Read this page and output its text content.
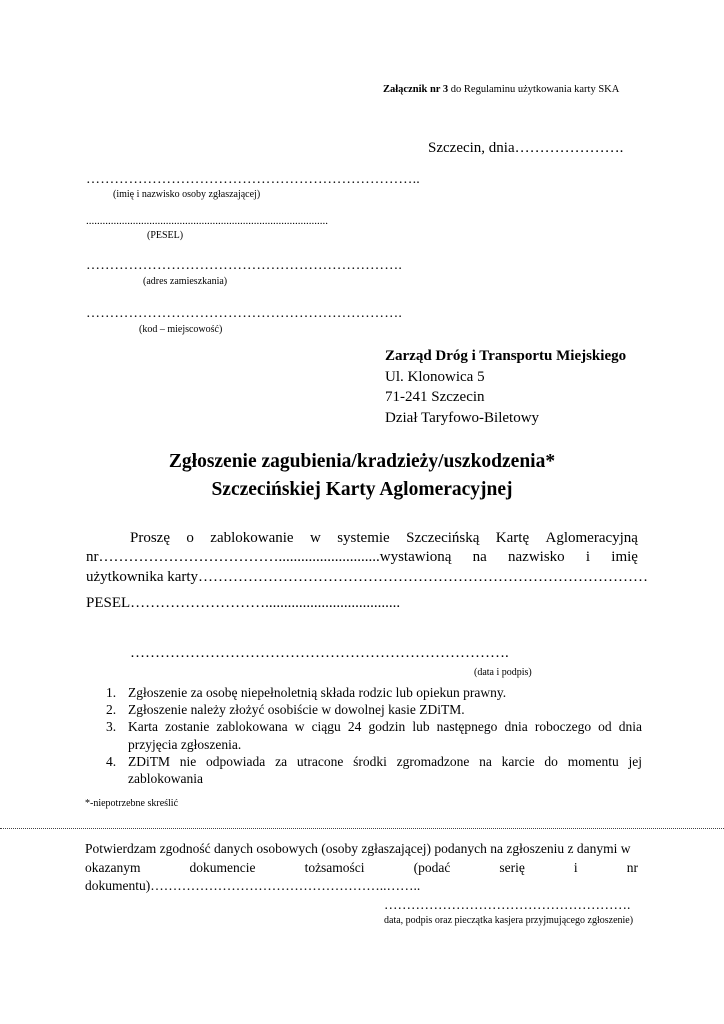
Załącznik nr 3 do Regulaminu użytkowania karty SKA
Szczecin, dnia………………….
……………………………………………………………..
(imię i nazwisko osoby zgłaszającej)
........................................................................................
(PESEL)
………………………………………………………….
(adres zamieszkania)
………………………………………………………….
(kod – miejscowość)
Zarząd Dróg i Transportu Miejskiego
Ul. Klonowica 5
71-241 Szczecin
Dział Taryfowo-Biletowy
Zgłoszenie zagubienia/kradzieży/uszkodzenia*
Szczecińskiej Karty Aglomeracyjnej
Proszę o zablokowanie w systemie Szczecińską Kartę Aglomeracyjną
nr………………………………...........................wystawioną na nazwisko i imię
użytkownika karty………………………………………………………………………………
PESEL………………………....................................
………………………………………………………………….
(data i podpis)
1. Zgłoszenie za osobę niepełnoletnią składa rodzic lub opiekun prawny.
2. Zgłoszenie należy złożyć osobiście w dowolnej kasie ZDiTM.
3. Karta zostanie zablokowana w ciągu 24 godzin lub następnego dnia roboczego od dnia przyjęcia zgłoszenia.
4. ZDiTM nie odpowiada za utracone środki zgromadzone na karcie do momentu jej zablokowania
*-niepotrzebne skreślić
Potwierdzam zgodność danych osobowych (osoby zgłaszającej) podanych na zgłoszeniu z danymi w
okazanym	dokumencie	tożsamości	(podać	serię	i	nr
dokumentu)……………………………………………..……..
……………………………………………….
data, podpis oraz pieczątka kasjera przyjmującego zgłoszenie)
